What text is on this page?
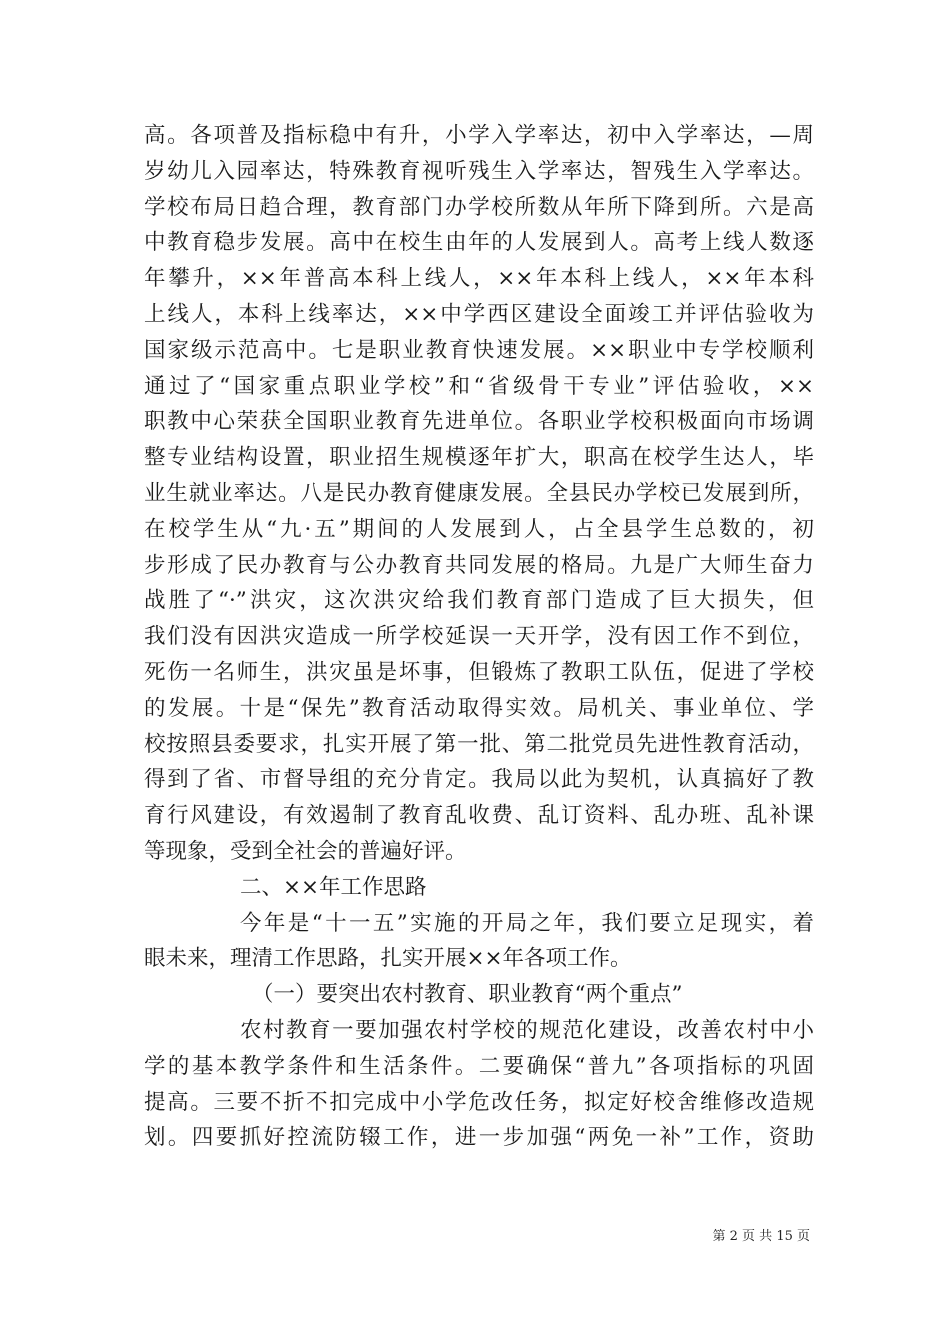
高。各项普及指标稳中有升，小学入学率达，初中入学率达，—周
岁幼儿入园率达，特殊教育视听残生入学率达，智残生入学率达。
学校布局日趋合理，教育部门办学校所数从年所下降到所。六是高
中教育稳步发展。高中在校生由年的人发展到人。高考上线人数逐
年攀升，××年普高本科上线人，××年本科上线人，××年本科
上线人，本科上线率达，××中学西区建设全面竣工并评估验收为
国家级示范高中。七是职业教育快速发展。××职业中专学校顺利
通过了“国家重点职业学校”和“省级骨干专业”评估验收，××
职教中心荣获全国职业教育先进单位。各职业学校积极面向市场调
整专业结构设置，职业招生规模逐年扩大，职高在校学生达人，毕
业生就业率达。八是民办教育健康发展。全县民办学校已发展到所，
在校学生从“九·五”期间的人发展到人，占全县学生总数的，初
步形成了民办教育与公办教育共同发展的格局。九是广大师生奋力
战胜了“·”洪灾，这次洪灾给我们教育部门造成了巨大损失，但
我们没有因洪灾造成一所学校延误一天开学，没有因工作不到位，
死伤一名师生，洪灾虽是坏事，但锻炼了教职工队伍，促进了学校
的发展。十是“保先”教育活动取得实效。局机关、事业单位、学
校按照县委要求，扎实开展了第一批、第二批党员先进性教育活动，
得到了省、市督导组的充分肯定。我局以此为契机，认真搞好了教
育行风建设，有效遏制了教育乱收费、乱订资料、乱办班、乱补课
等现象，受到全社会的普遍好评。
二、××年工作思路
今年是“十一五”实施的开局之年，我们要立足现实，着
眼未来，理清工作思路，扎实开展××年各项工作。
（一）要突出农村教育、职业教育“两个重点”
农村教育一要加强农村学校的规范化建设，改善农村中小
学的基本教学条件和生活条件。二要确保“普九”各项指标的巩固
提高。三要不折不扣完成中小学危改任务，拟定好校舍维修改造规
划。四要抓好控流防辍工作，进一步加强“两免一补”工作，资助
第 2 页 共 15 页
